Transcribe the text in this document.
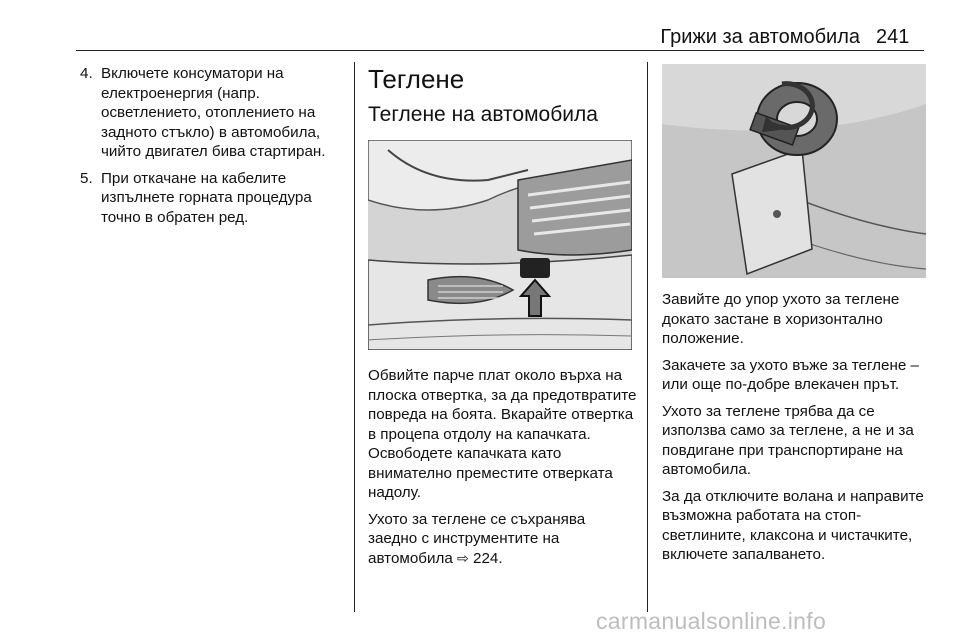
Грижи за автомобила 241
4. Включете консуматори на електроенергия (напр. осветлението, отоплението на задното стъкло) в автомобила, чийто двигател бива стартиран.
5. При откачане на кабелите изпълнете горната процедура точно в обратен ред.
Теглене
Теглене на автомобила

Обвийте парче плат около върха на плоска отвертка, за да предотвратите повреда на боята. Вкарайте отвертка в процепа отдолу на капачката. Освободете капачката като внимателно преместите отверката надолу.

Ухото за теглене се съхранява заедно с инструментите на автомобила ⇨ 224.

Завийте до упор ухото за теглене докато застане в хоризонтално положение.

Закачете за ухото въже за теглене – или още по-добре влекачен прът.

Ухото за теглене трябва да се използва само за теглене, а не и за повдигане при транспортиране на автомобила.

За да отключите волана и направите възможна работата на стоп-светлините, клаксона и чистачките, включете запалването.

carmanualsonline.info
